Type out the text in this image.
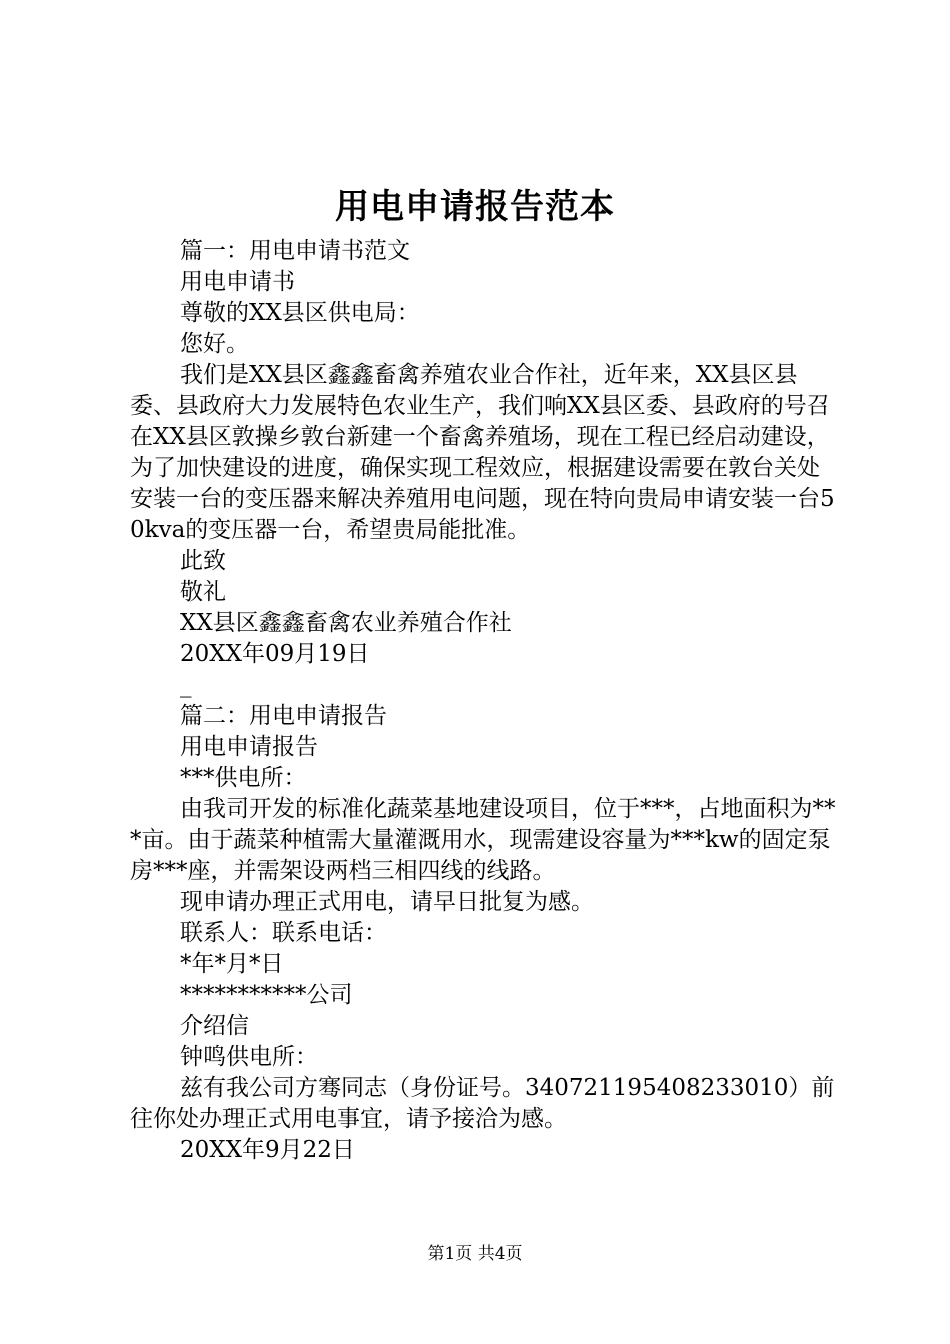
用电申请报告范本

篇一：用电申请书范文

用电申请书

尊敬的XX县区供电局：

您好。

我们是XX县区鑫鑫畜禽养殖农业合作社，近年来，XX县区县委、县政府大力发展特色农业生产，我们响XX县区委、县政府的号召在XX县区敦操乡敦台新建一个畜禽养殖场，现在工程已经启动建设，为了加快建设的进度，确保实现工程效应，根据建设需要在敦台关处安装一台的变压器来解决养殖用电问题，现在特向贵局申请安装一台50kva的变压器一台，希望贵局能批准。

此致

敬礼

XX县区鑫鑫畜禽农业养殖合作社

20XX年09月19日

_

篇二：用电申请报告

用电申请报告

***供电所：

由我司开发的标准化蔬菜基地建设项目，位于***，占地面积为***亩。由于蔬菜种植需大量灌溉用水，现需建设容量为***kw的固定泵房***座，并需架设两档三相四线的线路。

现申请办理正式用电，请早日批复为感。

联系人：联系电话：

*年*月*日

***********公司

介绍信

钟鸣供电所：

兹有我公司方骞同志（身份证号。340721195408233010）前往你处办理正式用电事宜，请予接洽为感。

20XX年9月22日

第1页 共4页
